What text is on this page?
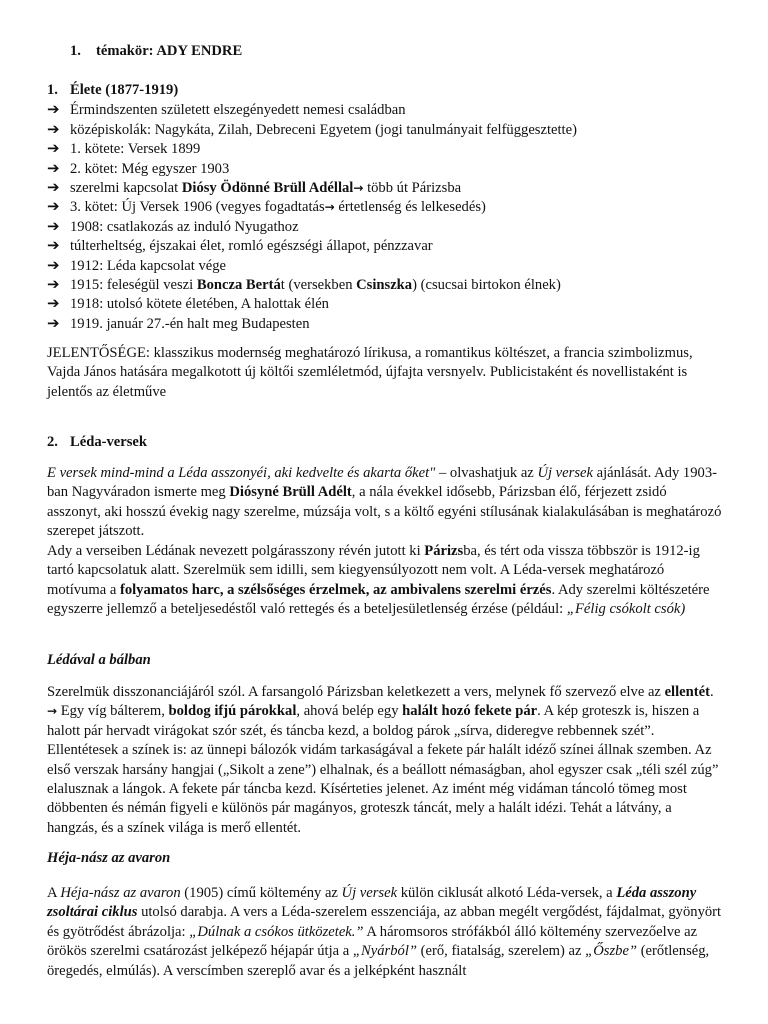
1. témakör: ADY ENDRE
1. Élete (1877-1919)
➔ Érmindszenten született elszegényedett nemesi családban
➔ középiskolák: Nagykáta, Zilah, Debreceni Egyetem (jogi tanulmányait felfüggesztette)
➔ 1. kötete: Versek 1899
➔ 2. kötet: Még egyszer 1903
➔ szerelmi kapcsolat Diósy Ödönné Brüll Adéllal→ több út Párizsba
➔ 3. kötet: Új Versek 1906 (vegyes fogadtatás→ értetlenség és lelkesedés)
➔ 1908: csatlakozás az induló Nyugathoz
➔ túlterheltség, éjszakai élet, romló egészségi állapot, pénzzavar
➔ 1912: Léda kapcsolat vége
➔ 1915: feleségül veszi Boncza Bertát (versekben Csinszka) (csucsai birtokon élnek)
➔ 1918: utolsó kötete életében, A halottak élén
➔ 1919. január 27.-én halt meg Budapesten

JELENTŐSÉGE: klasszikus modernség meghatározó lírikusa, a romantikus költészet, a francia szimbolizmus, Vajda János hatására megalkotott új költői szemléletmód, újfajta versnyelv. Publicistaként és novellistaként is jelentős az életműve

2. Léda-versek

E versek mind-mind a Léda asszonyéi, aki kedvelte és akarta őket" – olvashatjuk az Új versek ajánlását. Ady 1903-ban Nagyváradon ismerte meg Diósyné Brüll Adélt, a nála évekkel idősebb, Párizsban élő, férjezett zsidó asszonyt, aki hosszú évekig nagy szerelme, múzsája volt, s a költő egyéni stílusának kialakulásában is meghatározó szerepet játszott.

Ady a verseiben Lédának nevezett polgárasszony révén jutott ki Párizsba, és tért oda vissza többször is 1912-ig tartó kapcsolatuk alatt. Szerelmük sem idilli, sem kiegyensúlyozott nem volt. A Léda-versek meghatározó motívuma a folyamatos harc, a szélsőséges érzelmek, az ambivalens szerelmi érzés. Ady szerelmi költészetére egyszerre jellemző a beteljesedéstől való rettegés és a beteljesületlenség érzése (például: „Félig csókolt csók)

Lédával a bálban

Szerelmük disszonanciájáról szól. A farsangoló Párizsban keletkezett a vers, melynek fő szervező elve az ellentét. → Egy víg bálterem, boldog ifjú párokkal, ahová belép egy halált hozó fekete pár. A kép groteszk is, hiszen a halott pár hervadt virágokat szór szét, és táncba kezd, a boldog párok „sírva, dideregve rebbennek szét”. Ellentétesek a színek is: az ünnepi bálozók vidám tarkaságával a fekete pár halált idéző színei állnak szemben. Az első verszak harsány hangjai („Sikolt a zene”) elhalnak, és a beállott némaságban, ahol egyszer csak „téli szél zúg” elalusznak a lángok. A fekete pár táncba kezd. Kísérteties jelenet. Az imént még vidáman táncoló tömeg most döbbenten és némán figyeli e különös pár magányos, groteszk táncát, mely a halált idézi. Tehát a látvány, a hangzás, és a színek világa is merő ellentét.

Héja-nász az avaron

A Héja-nász az avaron (1905) című költemény az Új versek külön ciklusát alkotó Léda-versek, a Léda asszony zsoltárai ciklus utolsó darabja. A vers a Léda-szerelem esszenciája, az abban megélt vergődést, fájdalmat, gyönyört és gyötrődést ábrázolja: „Dúlnak a csókos ütközetek.” A háromsoros strófákból álló költemény szervezőelve az örökös szerelmi csatározást jelképező héjapár útja a „Nyárból” (erő, fiatalság, szerelem) az „Őszbe” (erőtlenség, öregedés, elmúlás). A verscímben szereplő avar és a jelképként használt
